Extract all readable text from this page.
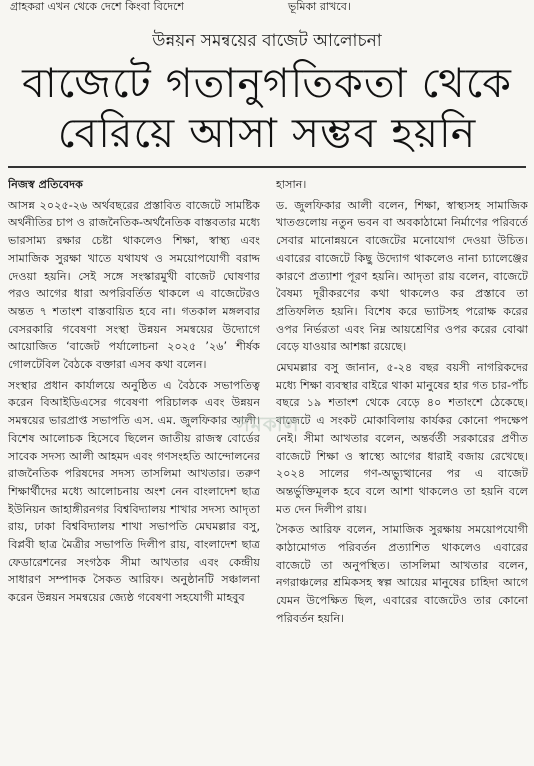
গ্রাহকরা এখন থেকে দেশে কিংবা বিদেশে	ভূমিকা রাখবে।
উন্নয়ন সমন্বয়ের বাজেট আলোচনা
বাজেটে গতানুগতিকতা থেকে
বেরিয়ে আসা সম্ভব হয়নি

নিজস্ব প্রতিবেদক

আসন্ন ২০২৫-২৬ অর্থবছরের প্রস্তাবিত বাজেটে সামষ্টিক অর্থনীতির চাপ ও রাজনৈতিক-অর্থনৈতিক বাস্তবতার মধ্যে ভারসাম্য রক্ষার চেষ্টা থাকলেও শিক্ষা, স্বাস্থ্য এবং সামাজিক সুরক্ষা খাতে যথাযথ ও সময়োপযোগী বরাদ্দ দেওয়া হয়নি। সেই সঙ্গে সংস্কারমুখী বাজেট ঘোষণার পরও আগের ধারা অপরিবর্তিত থাকলে এ বাজেটেরও অন্তত ৭ শতাংশ বাস্তবায়িত হবে না। গতকাল মঙ্গলবার বেসরকারি গবেষণা সংস্থা উন্নয়ন সমন্বয়ের উদ্যোগে আয়োজিত ‘বাজেট পর্যালোচনা ২০২৫ ’২৬’ শীর্ষক গোলটেবিল বৈঠকে বক্তারা এসব কথা বলেন।

সংস্থার প্রধান কার্যালয়ে অনুষ্ঠিত এ বৈঠকে সভাপতিত্ব করেন বিআইডিএসের গবেষণা পরিচালক এবং উন্নয়ন সমন্বয়ের ভারপ্রাপ্ত সভাপতি এস. এম. জুলফিকার আলী। বিশেষ আলোচক হিসেবে ছিলেন জাতীয় রাজস্ব বোর্ডের সাবেক সদস্য আলী আহমদ এবং গণসংহতি আন্দোলনের রাজনৈতিক পরিষদের সদস্য তাসলিমা আখতার। তরুণ শিক্ষার্থীদের মধ্যে আলোচনায় অংশ নেন বাংলাদেশ ছাত্র ইউনিয়ন জাহাঙ্গীরনগর বিশ্ববিদ্যালয় শাখার সদস্য আদৃতা রায়, ঢাকা বিশ্ববিদ্যালয় শাখা সভাপতি মেঘমল্লার বসু, বিপ্লবী ছাত্র মৈত্রীর সভাপতি দিলীপ রায়, বাংলাদেশ ছাত্র ফেডারেশনের সংগঠক সীমা আখতার এবং কেন্দ্রীয় সাধারণ সম্পাদক সৈকত আরিফ। অনুষ্ঠানটি সঞ্চালনা করেন উন্নয়ন সমন্বয়ের জ্যেষ্ঠ গবেষণা সহযোগী মাহবুব

হাসান।

ড. জুলফিকার আলী বলেন, শিক্ষা, স্বাস্থ্যসহ সামাজিক খাতগুলোয় নতুন ভবন বা অবকাঠামো নির্মাণের পরিবর্তে সেবার মানোন্নয়নে বাজেটের মনোযোগ দেওয়া উচিত। এবারের বাজেটে কিছু উদ্যোগ থাকলেও নানা চ্যালেঞ্জের কারণে প্রত্যাশা পূরণ হয়নি। আদৃতা রায় বলেন, বাজেটে বৈষম্য দূরীকরণের কথা থাকলেও কর প্রস্তাবে তা প্রতিফলিত হয়নি। বিশেষ করে ভ্যাটসহ পরোক্ষ করের ওপর নির্ভরতা এবং নিম্ন আয়শ্রেণির ওপর করের বোঝা বেড়ে যাওয়ার আশঙ্কা রয়েছে।

মেঘমল্লার বসু জানান, ৫-২৪ বছর বয়সী নাগরিকদের মধ্যে শিক্ষা ব্যবস্থার বাইরে থাকা মানুষের হার গত চার-পাঁচ বছরে ১৯ শতাংশ থেকে বেড়ে ৪০ শতাংশে ঠেকেছে। বাজেটে এ সংকট মোকাবিলায় কার্যকর কোনো পদক্ষেপ নেই। সীমা আখতার বলেন, অন্তর্বর্তী সরকারের প্রণীত বাজেটে শিক্ষা ও স্বাস্থ্যে আগের ধারাই বজায় রেখেছে। ২০২৪ সালের গণ-অভ্যুত্থানের পর এ বাজেট অন্তর্ভুক্তিমূলক হবে বলে আশা থাকলেও তা হয়নি বলে মত দেন দিলীপ রায়।

সৈকত আরিফ বলেন, সামাজিক সুরক্ষায় সময়োপযোগী কাঠামোগত পরিবর্তন প্রত্যাশিত থাকলেও এবারের বাজেটে তা অনুপস্থিত। তাসলিমা আখতার বলেন, নগরাঞ্চলের শ্রমিকসহ স্বল্প আয়ের মানুষের চাহিদা আগে যেমন উপেক্ষিত ছিল, এবারের বাজেটেও তার কোনো পরিবর্তন হয়নি।

সমকাল
